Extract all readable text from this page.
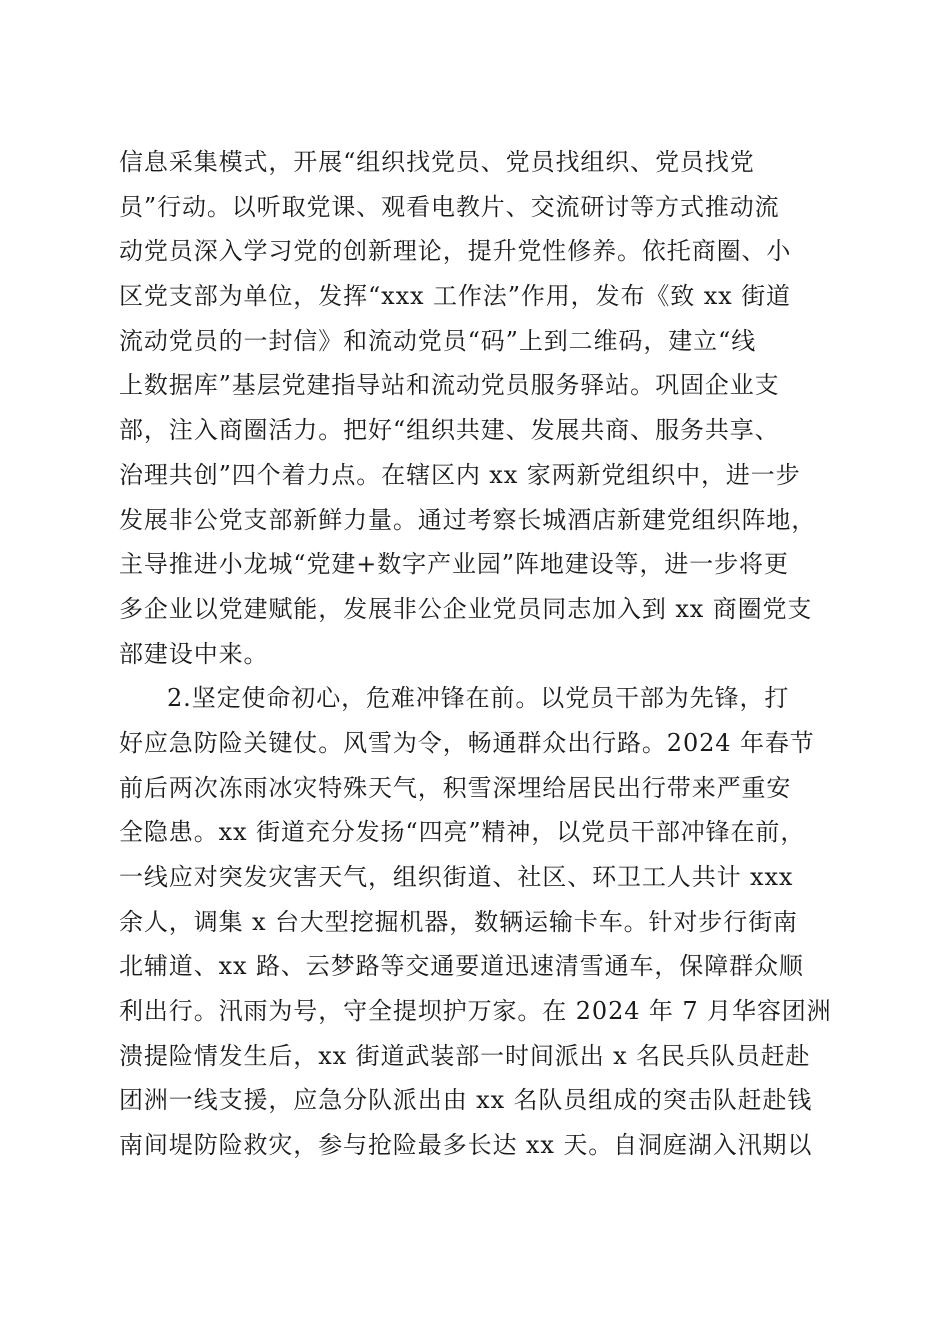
信息采集模式，开展“组织找党员、党员找组织、党员找党
员”行动。以听取党课、观看电教片、交流研讨等方式推动流
动党员深入学习党的创新理论，提升党性修养。依托商圈、小
区党支部为单位，发挥“xxx 工作法”作用，发布《致 xx 街道
流动党员的一封信》和流动党员“码”上到二维码，建立“线
上数据库”基层党建指导站和流动党员服务驿站。巩固企业支
部，注入商圈活力。把好“组织共建、发展共商、服务共享、
治理共创”四个着力点。在辖区内 xx 家两新党组织中，进一步
发展非公党支部新鲜力量。通过考察长城酒店新建党组织阵地，
主导推进小龙城“党建+数字产业园”阵地建设等，进一步将更
多企业以党建赋能，发展非公企业党员同志加入到 xx 商圈党支
部建设中来。
2.坚定使命初心，危难冲锋在前。以党员干部为先锋，打
好应急防险关键仗。风雪为令，畅通群众出行路。2024 年春节
前后两次冻雨冰灾特殊天气，积雪深埋给居民出行带来严重安
全隐患。xx 街道充分发扬“四亮”精神，以党员干部冲锋在前，
一线应对突发灾害天气，组织街道、社区、环卫工人共计 xxx
余人，调集 x 台大型挖掘机器，数辆运输卡车。针对步行街南
北辅道、xx 路、云梦路等交通要道迅速清雪通车，保障群众顺
利出行。汛雨为号，守全提坝护万家。在 2024 年 7 月华容团洲
溃提险情发生后，xx 街道武装部一时间派出 x 名民兵队员赶赴
团洲一线支援，应急分队派出由 xx 名队员组成的突击队赶赴钱
南间堤防险救灾，参与抢险最多长达 xx 天。自洞庭湖入汛期以
